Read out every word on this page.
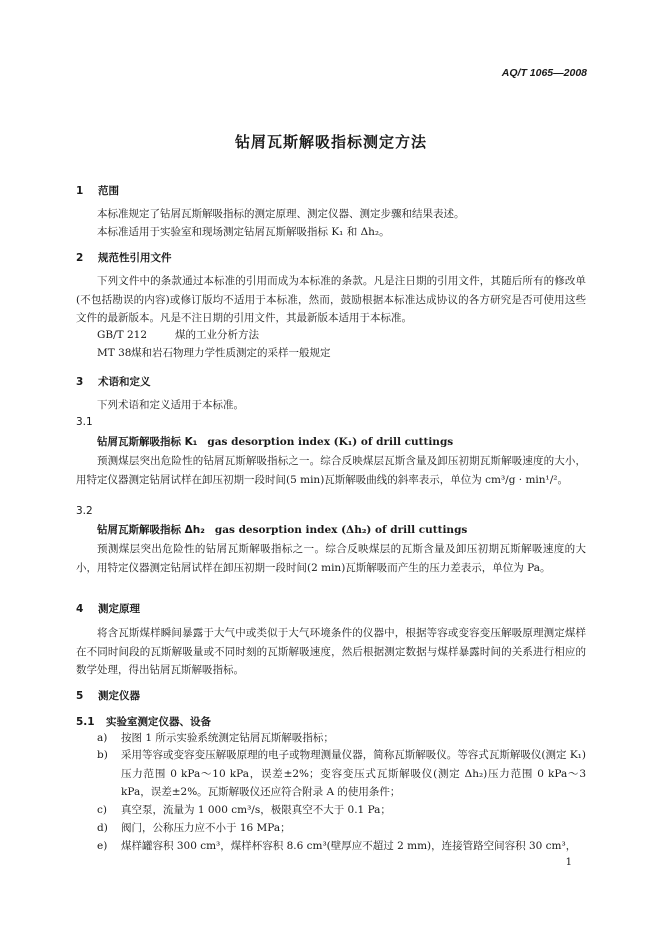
AQ/T 1065—2008
钻屑瓦斯解吸指标测定方法
1 范围
本标准规定了钻屑瓦斯解吸指标的测定原理、测定仪器、测定步骤和结果表述。
本标准适用于实验室和现场测定钻屑瓦斯解吸指标 K₁ 和 Δh₂。
2 规范性引用文件
下列文件中的条款通过本标准的引用而成为本标准的条款。凡是注日期的引用文件，其随后所有的修改单(不包括勘误的内容)或修订版均不适用于本标准，然而，鼓励根据本标准达成协议的各方研究是否可使用这些文件的最新版本。凡是不注日期的引用文件，其最新版本适用于本标准。
GB/T 212	煤的工业分析方法
MT 38煤和岩石物理力学性质测定的采样一般规定
3 术语和定义
下列术语和定义适用于本标准。
3.1
钻屑瓦斯解吸指标 K₁ gas desorption index (K₁) of drill cuttings
预测煤层突出危险性的钻屑瓦斯解吸指标之一。综合反映煤层瓦斯含量及卸压初期瓦斯解吸速度的大小，用特定仪器测定钻屑试样在卸压初期一段时间(5 min)瓦斯解吸曲线的斜率表示，单位为 cm³/g · min¹/²。
3.2
钻屑瓦斯解吸指标 Δh₂ gas desorption index (Δh₂) of drill cuttings
预测煤层突出危险性的钻屑瓦斯解吸指标之一。综合反映煤层的瓦斯含量及卸压初期瓦斯解吸速度的大小，用特定仪器测定钻屑试样在卸压初期一段时间(2 min)瓦斯解吸而产生的压力差表示，单位为 Pa。
4 测定原理
将含瓦斯煤样瞬间暴露于大气中或类似于大气环境条件的仪器中，根据等容或变容变压解吸原理测定煤样在不同时间段的瓦斯解吸量或不同时刻的瓦斯解吸速度，然后根据测定数据与煤样暴露时间的关系进行相应的数学处理，得出钻屑瓦斯解吸指标。
5 测定仪器
5.1 实验室测定仪器、设备
a) 按图 1 所示实验系统测定钻屑瓦斯解吸指标；
b) 采用等容或变容变压解吸原理的电子或物理测量仪器，简称瓦斯解吸仪。等容式瓦斯解吸仪(测定 K₁)压力范围 0 kPa～10 kPa，误差±2%；变容变压式瓦斯解吸仪(测定 Δh₂)压力范围 0 kPa～3 kPa，误差±2%。瓦斯解吸仪还应符合附录 A 的使用条件；
c) 真空泵，流量为 1 000 cm³/s，极限真空不大于 0.1 Pa；
d) 阀门，公称压力应不小于 16 MPa；
e) 煤样罐容积 300 cm³，煤样杯容积 8.6 cm³(壁厚应不超过 2 mm)，连接管路空间容积 30 cm³，
1
